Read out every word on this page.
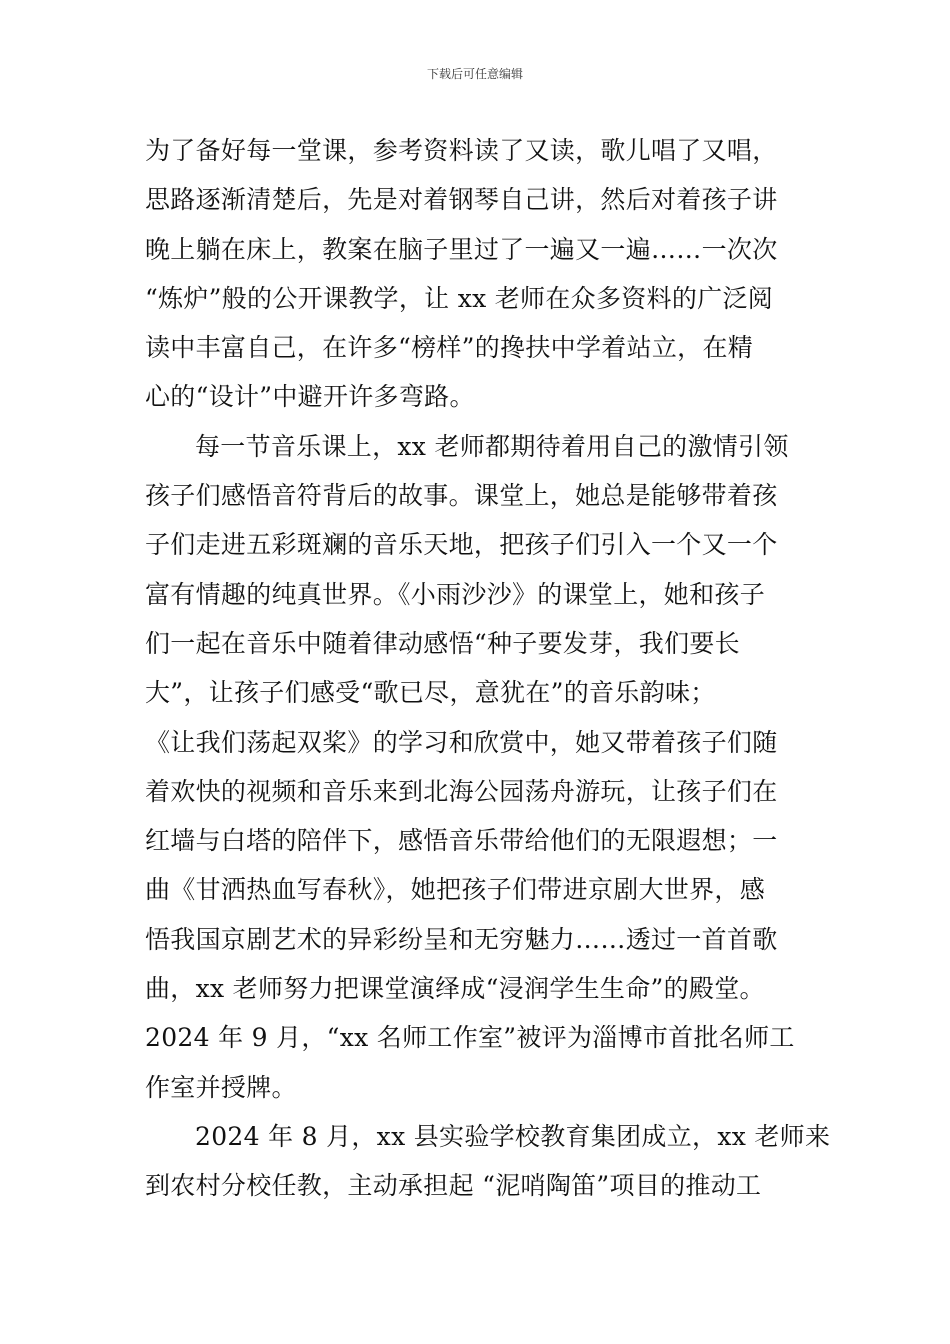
下载后可任意编辑
为了备好每一堂课，参考资料读了又读，歌儿唱了又唱，
思路逐渐清楚后，先是对着钢琴自己讲，然后对着孩子讲
晚上躺在床上，教案在脑子里过了一遍又一遍……一次次
“炼炉”般的公开课教学，让 xx 老师在众多资料的广泛阅
读中丰富自己，在许多“榜样”的搀扶中学着站立，在精
心的“设计”中避开许多弯路。
每一节音乐课上，xx 老师都期待着用自己的激情引领
孩子们感悟音符背后的故事。课堂上，她总是能够带着孩
子们走进五彩斑斓的音乐天地，把孩子们引入一个又一个
富有情趣的纯真世界。《小雨沙沙》的课堂上，她和孩子
们一起在音乐中随着律动感悟“种子要发芽，我们要长
大”，让孩子们感受“歌已尽，意犹在”的音乐韵味；
《让我们荡起双桨》的学习和欣赏中，她又带着孩子们随
着欢快的视频和音乐来到北海公园荡舟游玩，让孩子们在
红墙与白塔的陪伴下，感悟音乐带给他们的无限遐想；一
曲《甘洒热血写春秋》，她把孩子们带进京剧大世界，感
悟我国京剧艺术的异彩纷呈和无穷魅力……透过一首首歌
曲，xx 老师努力把课堂演绎成“浸润学生生命”的殿堂。
2024 年 9 月，“xx 名师工作室”被评为淄博市首批名师工
作室并授牌。
2024 年 8 月，xx 县实验学校教育集团成立，xx 老师来
到农村分校任教，主动承担起 “泥哨陶笛”项目的推动工
